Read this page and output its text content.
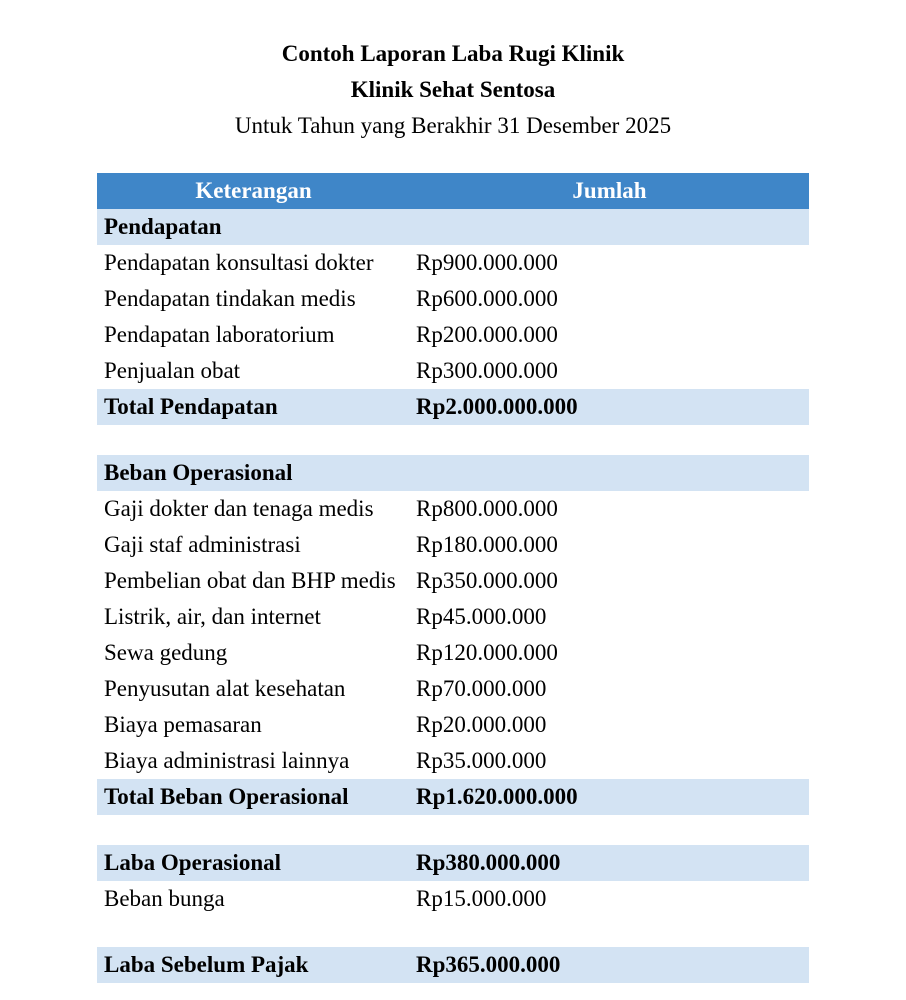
Contoh Laporan Laba Rugi Klinik
Klinik Sehat Sentosa
Untuk Tahun yang Berakhir 31 Desember 2025
Keterangan	Jumlah
Pendapatan
Pendapatan konsultasi dokter	Rp900.000.000
Pendapatan tindakan medis	Rp600.000.000
Pendapatan laboratorium	Rp200.000.000
Penjualan obat	Rp300.000.000
Total Pendapatan	Rp2.000.000.000
Beban Operasional
Gaji dokter dan tenaga medis	Rp800.000.000
Gaji staf administrasi	Rp180.000.000
Pembelian obat dan BHP medis Rp350.000.000
Listrik, air, dan internet	Rp45.000.000
Sewa gedung	Rp120.000.000
Penyusutan alat kesehatan	Rp70.000.000
Biaya pemasaran	Rp20.000.000
Biaya administrasi lainnya	Rp35.000.000
Total Beban Operasional	Rp1.620.000.000
Laba Operasional	Rp380.000.000
Beban bunga	Rp15.000.000
Laba Sebelum Pajak	Rp365.000.000
